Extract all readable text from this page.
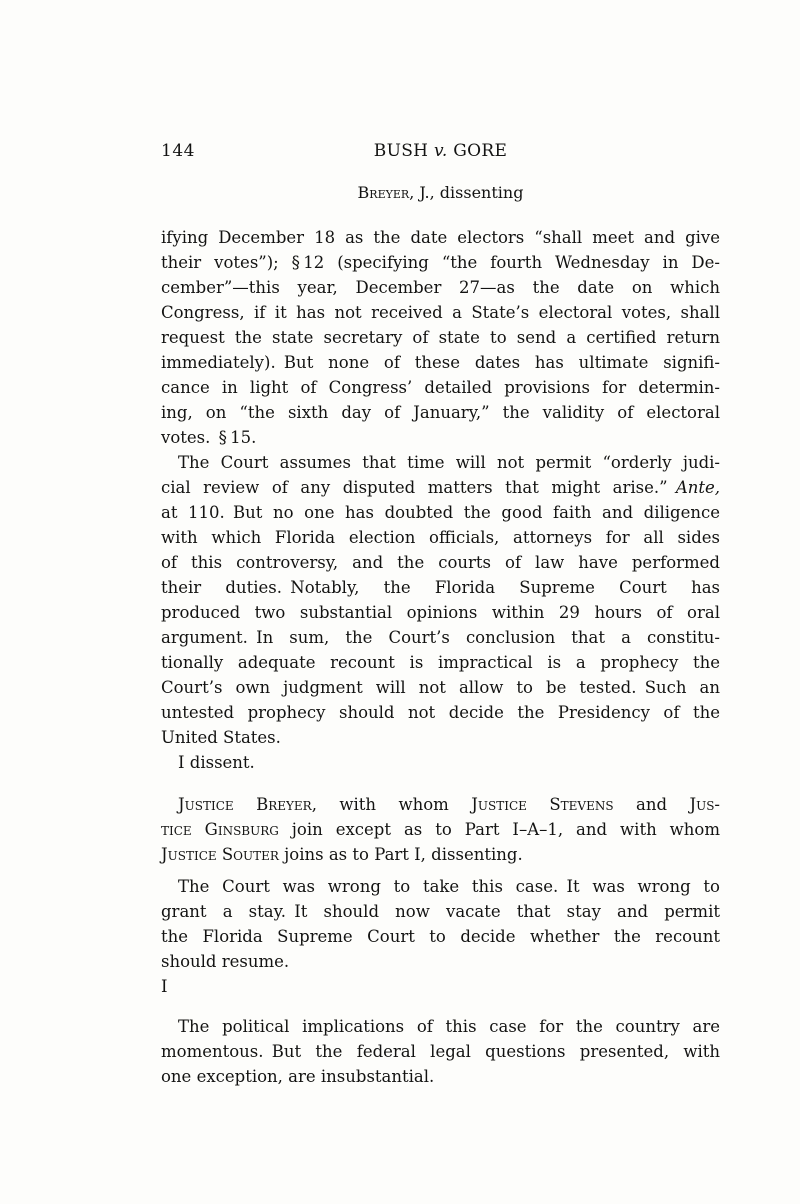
144	BUSH v. GORE
Breyer, J., dissenting
ifying December 18 as the date electors “shall meet and give
their votes”); § 12 (specifying “the fourth Wednesday in De-
cember”—this year, December 27—as the date on which
Congress, if it has not received a State’s electoral votes, shall
request the state secretary of state to send a certified return
immediately). But none of these dates has ultimate signifi-
cance in light of Congress’ detailed provisions for determin-
ing, on “the sixth day of January,” the validity of electoral
votes. § 15.
The Court assumes that time will not permit “orderly judi-
cial review of any disputed matters that might arise.” Ante,
at 110. But no one has doubted the good faith and diligence
with which Florida election officials, attorneys for all sides
of this controversy, and the courts of law have performed
their duties. Notably, the Florida Supreme Court has
produced two substantial opinions within 29 hours of oral
argument. In sum, the Court’s conclusion that a constitu-
tionally adequate recount is impractical is a prophecy the
Court’s own judgment will not allow to be tested. Such an
untested prophecy should not decide the Presidency of the
United States.
I dissent.
Justice Breyer, with whom Justice Stevens and Jus-
tice Ginsburg join except as to Part I–A–1, and with whom
Justice Souter joins as to Part I, dissenting.
The Court was wrong to take this case. It was wrong to
grant a stay. It should now vacate that stay and permit
the Florida Supreme Court to decide whether the recount
should resume.
I
The political implications of this case for the country are
momentous. But the federal legal questions presented, with
one exception, are insubstantial.
